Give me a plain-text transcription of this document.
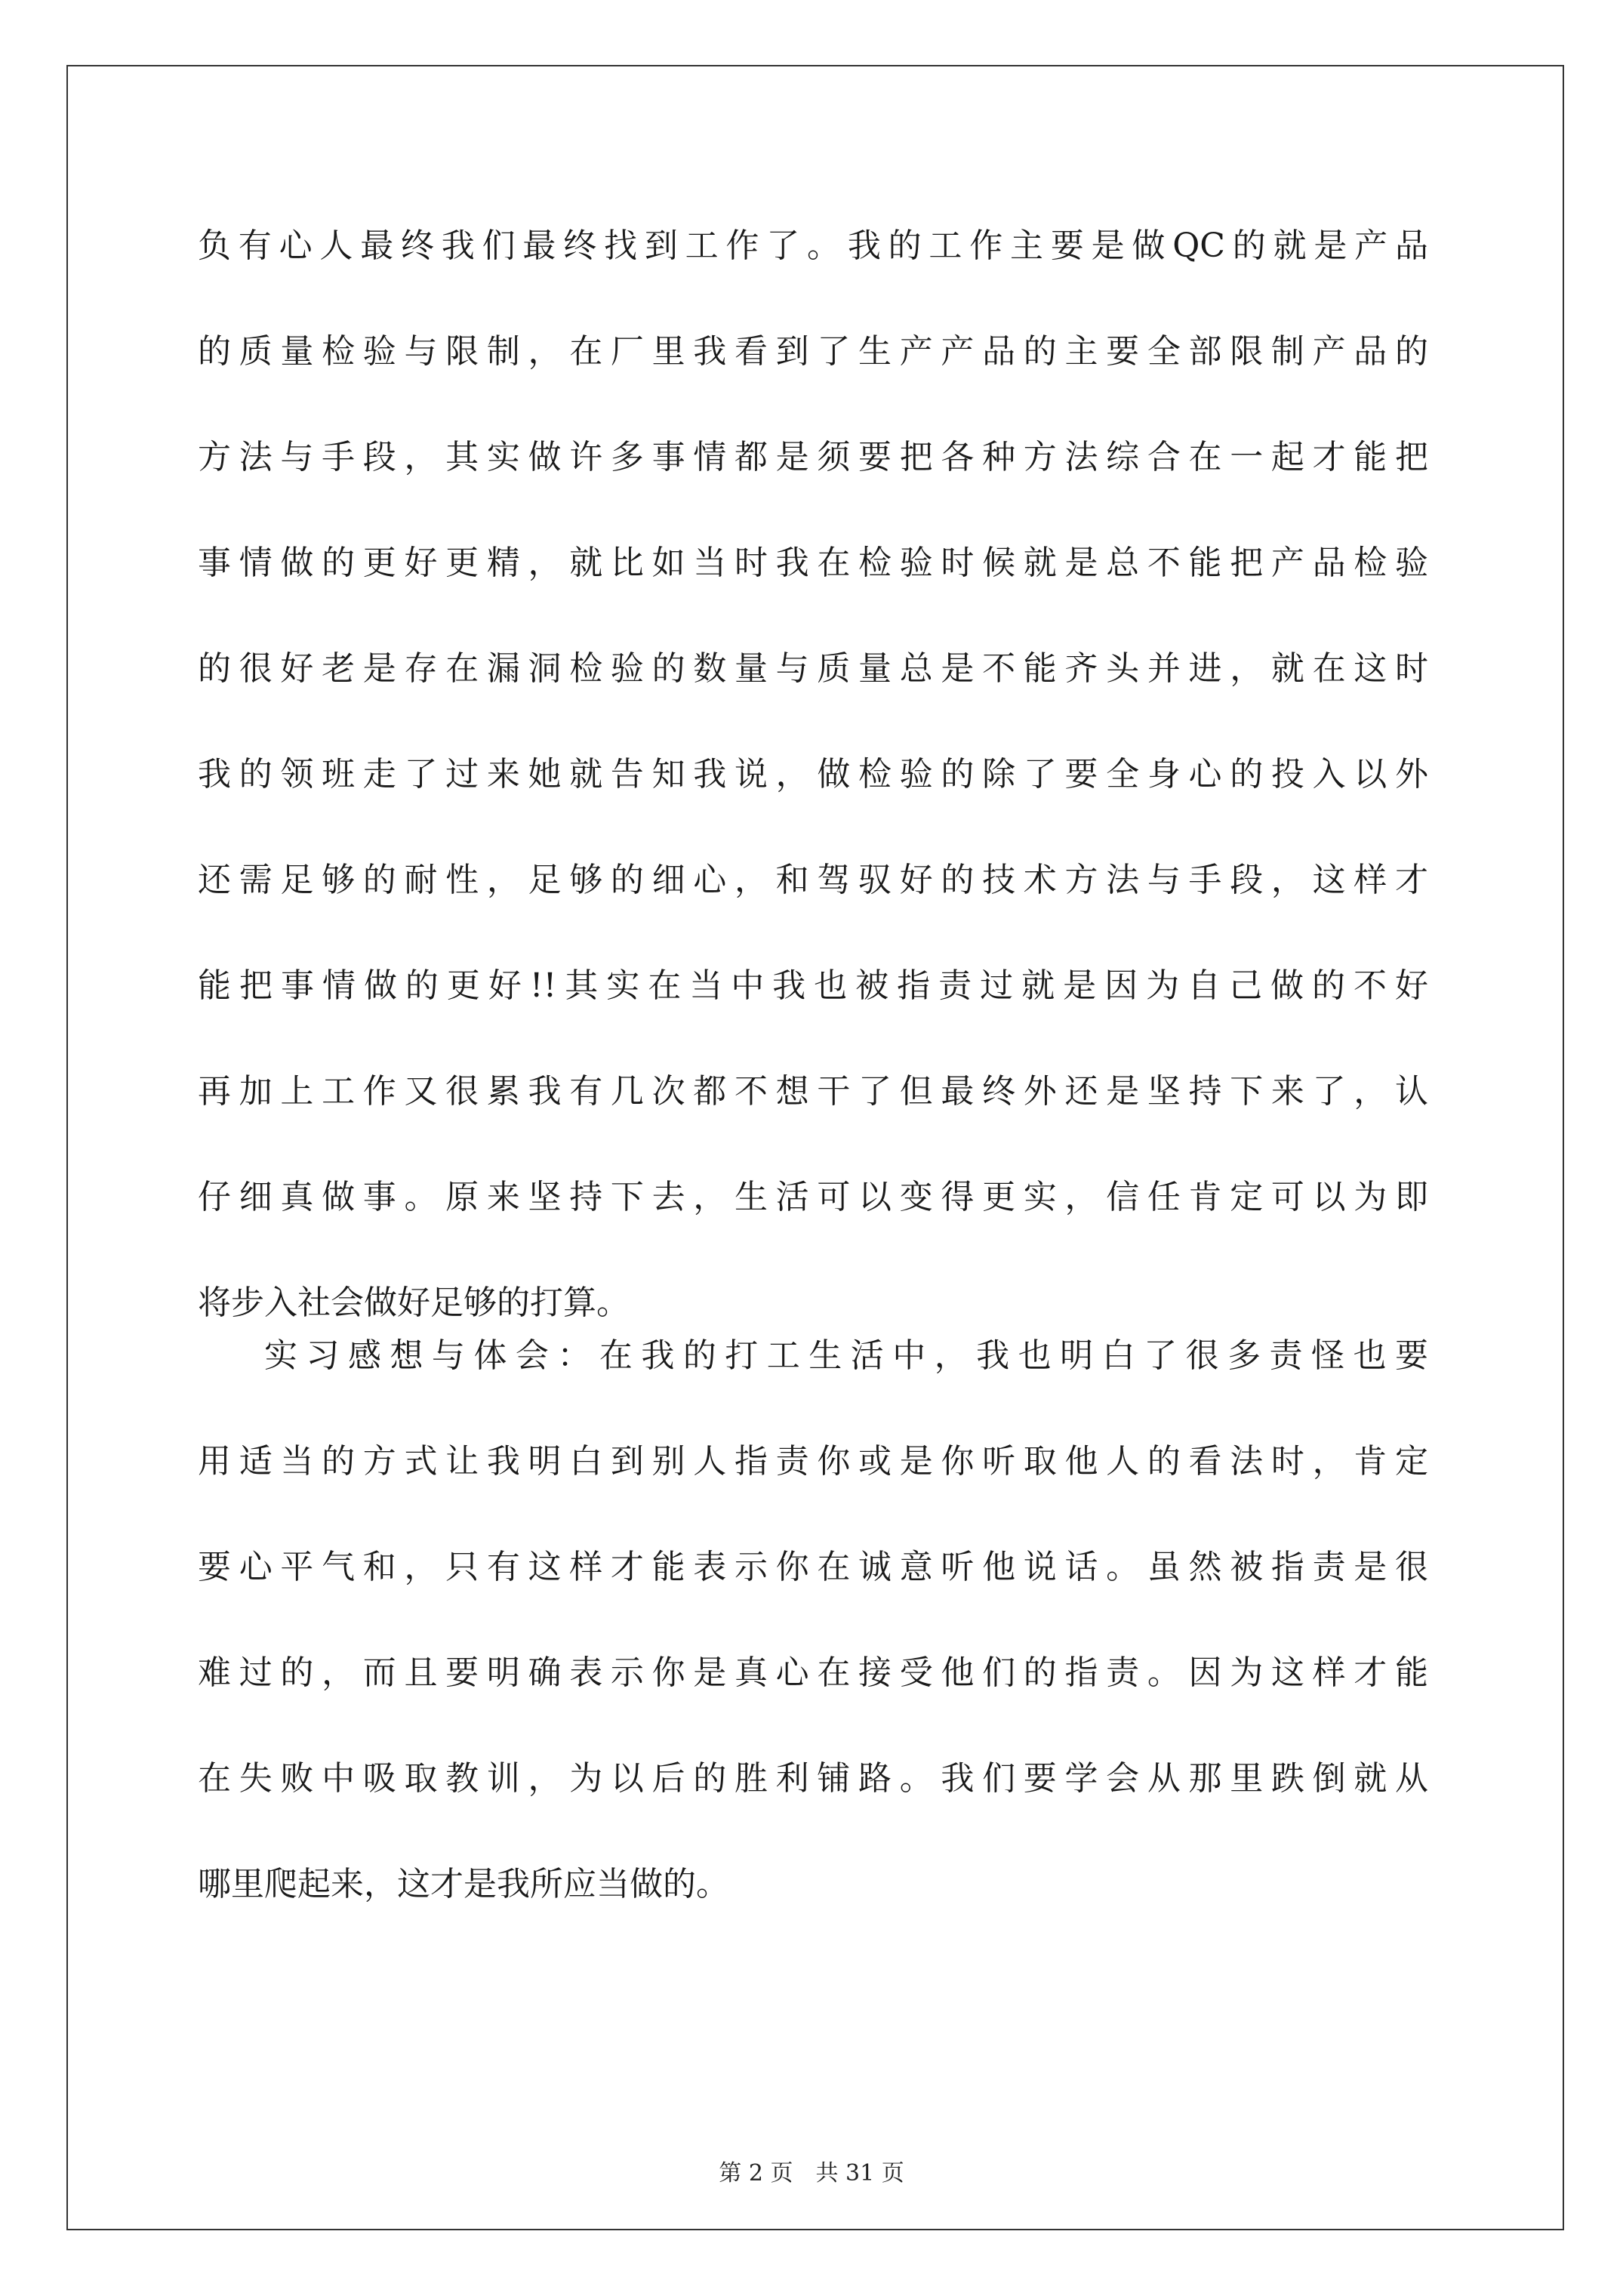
负有心人最终我们最终找到工作了。我的工作主要是做QC的就是产品
的质量检验与限制，在厂里我看到了生产产品的主要全部限制产品的
方法与手段，其实做许多事情都是须要把各种方法综合在一起才能把
事情做的更好更精，就比如当时我在检验时候就是总不能把产品检验
的很好老是存在漏洞检验的数量与质量总是不能齐头并进，就在这时
我的领班走了过来她就告知我说，做检验的除了要全身心的投入以外
还需足够的耐性，足够的细心，和驾驭好的技术方法与手段，这样才
能把事情做的更好!!其实在当中我也被指责过就是因为自己做的不好
再加上工作又很累我有几次都不想干了但最终外还是坚持下来了，认
仔细真做事。原来坚持下去，生活可以变得更实，信任肯定可以为即
将步入社会做好足够的打算。
实习感想与体会：在我的打工生活中，我也明白了很多责怪也要
用适当的方式让我明白到别人指责你或是你听取他人的看法时，肯定
要心平气和，只有这样才能表示你在诚意听他说话。虽然被指责是很
难过的，而且要明确表示你是真心在接受他们的指责。因为这样才能
在失败中吸取教训，为以后的胜利铺路。我们要学会从那里跌倒就从
哪里爬起来，这才是我所应当做的。
第 2 页　共 31 页
